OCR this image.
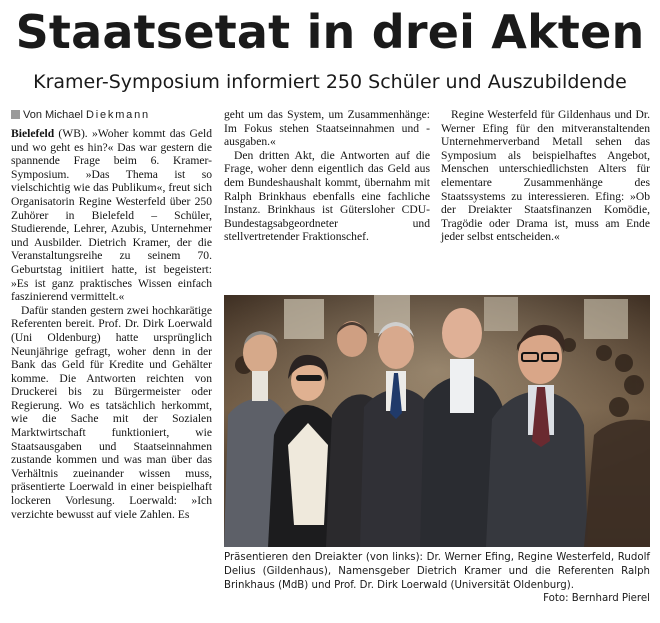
Staatsetat in drei Akten
Kramer-Symposium informiert 250 Schüler und Auszubildende
Von Michael Diekmann

Bielefeld (WB). »Woher kommt das Geld und wo geht es hin?« Das war gestern die spannende Frage beim 6. Kramer-Symposium. »Das Thema ist so vielschichtig wie das Publikum«, freut sich Organisatorin Regine Westerfeld über 250 Zuhörer in Bielefeld – Schüler, Studierende, Lehrer, Azubis, Unternehmer und Ausbilder. Dietrich Kramer, der die Veranstaltungsreihe zu seinem 70. Geburtstag initiiert hatte, ist begeistert: »Es ist ganz praktisches Wissen einfach faszinierend vermittelt.«

Dafür standen gestern zwei hochkarätige Referenten bereit. Prof. Dr. Dirk Loerwald (Uni Oldenburg) hatte ursprünglich Neunjährige gefragt, woher denn in der Bank das Geld für Kredite und Gehälter komme. Die Antworten reichten von Druckerei bis zu Bürgermeister oder Regierung. Wo es tatsächlich herkommt, wie die Sache mit der Sozialen Marktwirtschaft funktioniert, wie Staatsausgaben und Staatseinnahmen zustande kommen und was man über das Verhältnis zueinander wissen muss, präsentierte Loerwald in einer beispielhaft lockeren Vorlesung. Loerwald: »Ich verzichte bewusst auf viele Zahlen. Es

geht um das System, um Zusammenhänge: Im Fokus stehen Staatseinnahmen und -ausgaben.«

Den dritten Akt, die Antworten auf die Frage, woher denn eigentlich das Geld aus dem Bundeshaushalt kommt, übernahm mit Ralph Brinkhaus ebenfalls eine fachliche Instanz. Brinkhaus ist Gütersloher CDU-Bundestagsabgeordneter und stellvertretender Fraktionschef.

Regine Westerfeld für Gildenhaus und Dr. Werner Efing für den mitveranstaltenden Unternehmerverband Metall sehen das Symposium als beispielhaftes Angebot, Menschen unterschiedlichsten Alters für elementare Zusammenhänge des Staatssystems zu interessieren. Efing: »Ob der Dreiakter Staatsfinanzen Komödie, Tragödie oder Drama ist, muss am Ende jeder selbst entscheiden.«

Präsentieren den Dreiakter (von links): Dr. Werner Efing, Regine Westerfeld, Rudolf Delius (Gildenhaus), Namensgeber Dietrich Kramer und die Referenten Ralph Brinkhaus (MdB) und Prof. Dr. Dirk Loerwald (Universität Oldenburg).
Foto: Bernhard Pierel
